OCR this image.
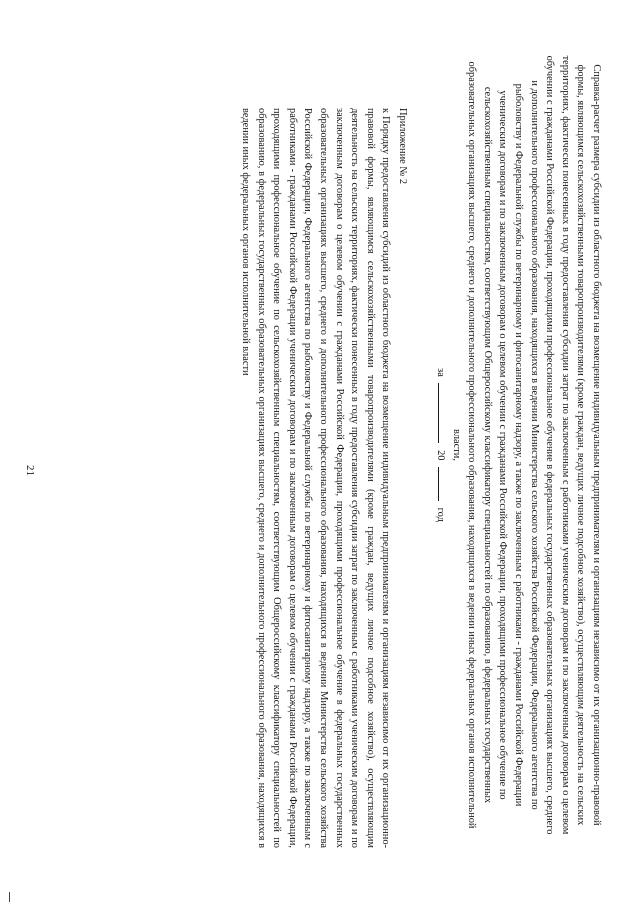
21

Приложение № 2

к Порядку предоставления субсидий из областного бюджета на возмещение индивидуальным предпринимателям и организациям независимо от их организационно-правовой формы, являющимся сельскохозяйственными товаропроизводителями (кроме граждан, ведущих личное подсобное хозяйство), осуществляющим деятельность на сельских территориях, фактически понесенных в году предоставления субсидии затрат по заключенным с работниками ученическим договорам и по заключенным договорам о целевом обучении с гражданами Российской Федерации, проходящими профессиональное обучение в федеральных государственных образовательных организациях высшего, среднего и дополнительного профессионального образования, находящихся в ведении Министерства сельского хозяйства Российской Федерации, Федерального агентства по рыболовству и Федеральной службы по ветеринарному и фитосанитарному надзору, а также по заключенным с работниками - гражданами Российской Федерации ученическим договорам и по заключенным договорам о целевом обучении с гражданами Российской Федерации, проходящими профессиональное обучение по сельскохозяйственным специальностям, соответствующим Общероссийскому классификатору специальностей по образованию, в федеральных государственных образовательных организациях высшего, среднего и дополнительного профессионального образования, находящихся в ведении иных федеральных органов исполнительной власти	Справка-расчет размера субсидии из областного бюджета на возмещение индивидуальным предпринимателям и организациям независимо от их организационно-правовой формы, являющимся сельскохозяйственными товаропроизводителями (кроме граждан, ведущих личное подсобное хозяйство), осуществляющим деятельность на сельских территориях, фактически понесенных в году предоставления субсидии затрат по заключенным с работниками ученическим договорам и по заключенным договорам о целевом обучении с гражданами Российской Федерации, проходящими профессиональное обучение в федеральных государственных образовательных организациях высшего, среднего и дополнительного профессионального образования, находящихся в ведении Министерства сельского хозяйства Российской Федерации, Федерального агентства по рыболовству и Федеральной службы по ветеринарному и фитосанитарному надзору, а также по заключенным с работниками - гражданами Российской Федерации ученическим договорам и по заключенным договорам о целевом обучении с гражданами Российской Федерации, проходящими профессиональное обучение по сельскохозяйственным специальностям, соответствующим Общероссийскому классификатору специальностей по образованию, в федеральных государственных образовательных организациях высшего, среднего и дополнительного профессионального образования, находящихся в ведении иных федеральных органов исполнительной власти,

за  20  год
